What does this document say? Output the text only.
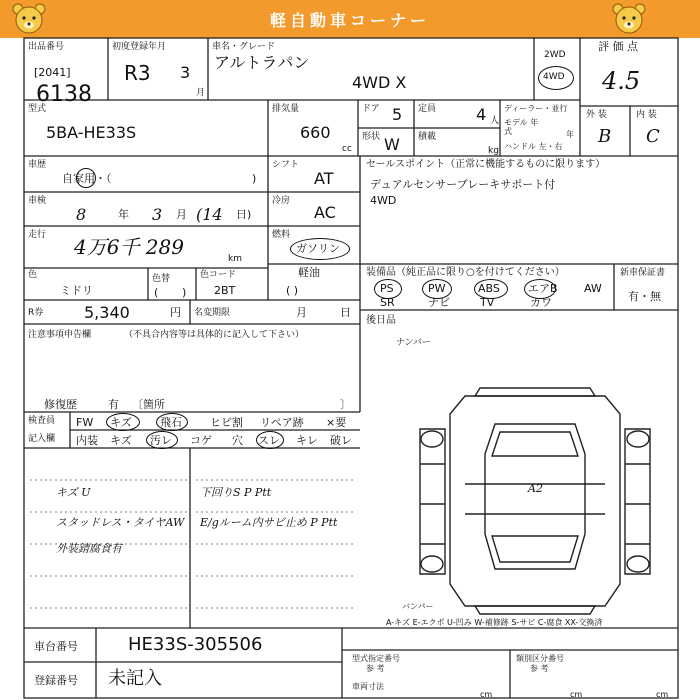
軽自動車コーナー
出品番号
[2041]
6138
初度登録年月
R3 3
月
車名・グレード
アルトラパン
4WD X
2WD
4WD
評 価 点
4.5
型式
5BA-HE33S
排気量
660
cc
ドア 5 定員 4 人
形状 W 積載
kg
ディーラー・並行
モデル 年式	年
ハンドル 左・右
外 装	内 装
B C
車歴
自家用・（	)
シフト
AT
車検
8	年 3 月 (14 日)
冷房
AC
走行 4万6千 289	km
燃料
ガソリン
軽油
( )
色
ミドリ
色替
( )
色コード
2BT
R券	5,340	円 名変期限	月	日
注意事項申告欄	（不具合内容等は具体的に記入して下さい）
修復歴	有 〔箇所	〕
検査員
記入欄
FW キズ	飛石	ヒビ割 リペア跡 ×要
内装 キズ 汚レ コゲ 穴 スレ キレ 破レ
キズ U
スタッドレス・タイヤAW
外装錆腐食有
下回りS P Ptt
E/gルーム内サビ止め P Ptt
セールスポイント（正常に機能するものに限ります）
デュアルセンサーブレーキサポート付
4WD
装備品（純正品に限り○を付けてください）
PS	PW	ABS	エアB AW
SR	ナビ	TV	カワ
新車保証書
有・無
後日品
ナンバー
A2
バンパー
A-キズ E-エクボ U-凹み W-補修跡 S-サビ C-腐食 XX-交換済
車台番号	HE33S-305506
登録番号 未記入
型式指定番号
参 考
類別区分番号
参 考
車両寸法
cm	cm	cm
